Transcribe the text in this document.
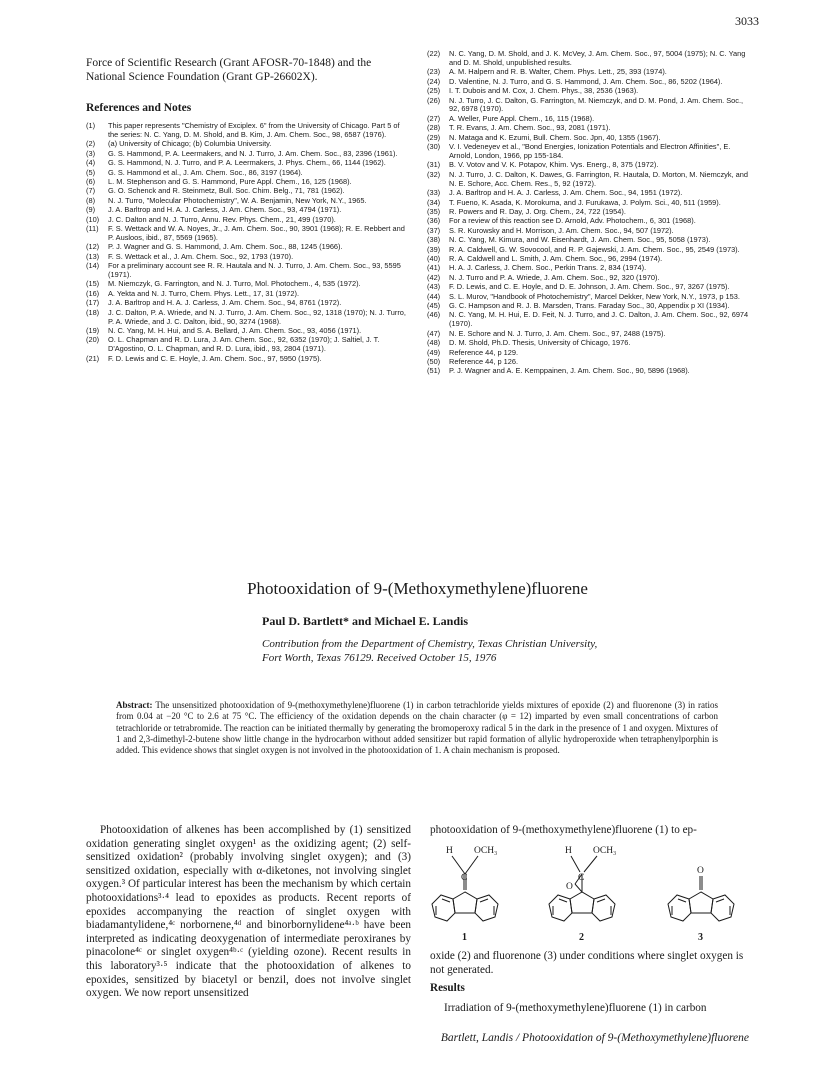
3033

Force of Scientific Research (Grant AFOSR-70-1848) and the National Science Foundation (Grant GP-26602X).

References and Notes
(1)	This paper represents "Chemistry of Exciplex. 6" from the University of Chicago. Part 5 of the series: N. C. Yang, D. M. Shold, and B. Kim, J. Am. Chem. Soc., 98, 6587 (1976).
(2)	(a) University of Chicago; (b) Columbia University.
(3)	G. S. Hammond, P. A. Leermakers, and N. J. Turro, J. Am. Chem. Soc., 83, 2396 (1961).
(4)	G. S. Hammond, N. J. Turro, and P. A. Leermakers, J. Phys. Chem., 66, 1144 (1962).
(5)	G. S. Hammond et al., J. Am. Chem. Soc., 86, 3197 (1964).
(6)	L. M. Stephenson and G. S. Hammond, Pure Appl. Chem., 16, 125 (1968).
(7)	G. O. Schenck and R. Steinmetz, Bull. Soc. Chim. Belg., 71, 781 (1962).
(8)	N. J. Turro, "Molecular Photochemistry", W. A. Benjamin, New York, N.Y., 1965.
(9)	J. A. Barltrop and H. A. J. Carless, J. Am. Chem. Soc., 93, 4794 (1971).
(10)	J. C. Dalton and N. J. Turro, Annu. Rev. Phys. Chem., 21, 499 (1970).
(11)	F. S. Wettack and W. A. Noyes, Jr., J. Am. Chem. Soc., 90, 3901 (1968); R. E. Rebbert and P. Ausloos, ibid., 87, 5569 (1965).
(12)	P. J. Wagner and G. S. Hammond, J. Am. Chem. Soc., 88, 1245 (1966).
(13)	F. S. Wettack et al., J. Am. Chem. Soc., 92, 1793 (1970).
(14)	For a preliminary account see R. R. Hautala and N. J. Turro, J. Am. Chem. Soc., 93, 5595 (1971).
(15)	M. Niemczyk, G. Farrington, and N. J. Turro, Mol. Photochem., 4, 535 (1972).
(16)	A. Yekta and N. J. Turro, Chem. Phys. Lett., 17, 31 (1972).
(17)	J. A. Barltrop and H. A. J. Carless, J. Am. Chem. Soc., 94, 8761 (1972).
(18)	J. C. Dalton, P. A. Wriede, and N. J. Turro, J. Am. Chem. Soc., 92, 1318 (1970); N. J. Turro, P. A. Wriede, and J. C. Dalton, ibid., 90, 3274 (1968).
(19)	N. C. Yang, M. H. Hui, and S. A. Bellard, J. Am. Chem. Soc., 93, 4056 (1971).
(20)	O. L. Chapman and R. D. Lura, J. Am. Chem. Soc., 92, 6352 (1970); J. Saltiel, J. T. D'Agostino, O. L. Chapman, and R. D. Lura, ibid., 93, 2804 (1971).
(21)	F. D. Lewis and C. E. Hoyle, J. Am. Chem. Soc., 97, 5950 (1975).
(22)	N. C. Yang, D. M. Shold, and J. K. McVey, J. Am. Chem. Soc., 97, 5004 (1975); N. C. Yang and D. M. Shold, unpublished results.
(23)	A. M. Halpern and R. B. Walter, Chem. Phys. Lett., 25, 393 (1974).
(24)	D. Valentine, N. J. Turro, and G. S. Hammond, J. Am. Chem. Soc., 86, 5202 (1964).
(25)	I. T. Dubois and M. Cox, J. Chem. Phys., 38, 2536 (1963).
(26)	N. J. Turro, J. C. Dalton, G. Farrington, M. Niemczyk, and D. M. Pond, J. Am. Chem. Soc., 92, 6978 (1970).
(27)	A. Weller, Pure Appl. Chem., 16, 115 (1968).
(28)	T. R. Evans, J. Am. Chem. Soc., 93, 2081 (1971).
(29)	N. Mataga and K. Ezumi, Bull. Chem. Soc. Jpn, 40, 1355 (1967).
(30)	V. I. Vedeneyev et al., "Bond Energies, Ionization Potentials and Electron Affinities", E. Arnold, London, 1966, pp 155-184.
(31)	B. V. Votov and V. K. Potapov, Khim. Vys. Energ., 8, 375 (1972).
(32)	N. J. Turro, J. C. Dalton, K. Dawes, G. Farrington, R. Hautala, D. Morton, M. Niemczyk, and N. E. Schore, Acc. Chem. Res., 5, 92 (1972).
(33)	J. A. Barltrop and H. A. J. Carless, J. Am. Chem. Soc., 94, 1951 (1972).
(34)	T. Fueno, K. Asada, K. Morokuma, and J. Furukawa, J. Polym. Sci., 40, 511 (1959).
(35)	R. Powers and R. Day, J. Org. Chem., 24, 722 (1954).
(36)	For a review of this reaction see D. Arnold, Adv. Photochem., 6, 301 (1968).
(37)	S. R. Kurowsky and H. Morrison, J. Am. Chem. Soc., 94, 507 (1972).
(38)	N. C. Yang, M. Kimura, and W. Eisenhardt, J. Am. Chem. Soc., 95, 5058 (1973).
(39)	R. A. Caldwell, G. W. Sovocool, and R. P. Gajewski, J. Am. Chem. Soc., 95, 2549 (1973).
(40)	R. A. Caldwell and L. Smith, J. Am. Chem. Soc., 96, 2994 (1974).
(41)	H. A. J. Carless, J. Chem. Soc., Perkin Trans. 2, 834 (1974).
(42)	N. J. Turro and P. A. Wriede, J. Am. Chem. Soc., 92, 320 (1970).
(43)	F. D. Lewis, and C. E. Hoyle, and D. E. Johnson, J. Am. Chem. Soc., 97, 3267 (1975).
(44)	S. L. Murov, "Handbook of Photochemistry", Marcel Dekker, New York, N.Y., 1973, p 153.
(45)	G. C. Hampson and R. J. B. Marsden, Trans. Faraday Soc., 30, Appendix p XI (1934).
(46)	N. C. Yang, M. H. Hui, E. D. Feit, N. J. Turro, and J. C. Dalton, J. Am. Chem. Soc., 92, 6974 (1970).
(47)	N. E. Schore and N. J. Turro, J. Am. Chem. Soc., 97, 2488 (1975).
(48)	D. M. Shold, Ph.D. Thesis, University of Chicago, 1976.
(49)	Reference 44, p 129.
(50)	Reference 44, p 126.
(51)	P. J. Wagner and A. E. Kemppainen, J. Am. Chem. Soc., 90, 5896 (1968).
Photooxidation of 9-(Methoxymethylene)fluorene
Paul D. Bartlett* and Michael E. Landis
Contribution from the Department of Chemistry, Texas Christian University,
Fort Worth, Texas 76129. Received October 15, 1976
Abstract: The unsensitized photooxidation of 9-(methoxymethylene)fluorene (1) in carbon tetrachloride yields mixtures of epoxide (2) and fluorenone (3) in ratios from 0.04 at −20 °C to 2.6 at 75 °C. The efficiency of the oxidation depends on the chain character (φ = 12) imparted by even small concentrations of carbon tetrachloride or tetrabromide. The reaction can be initiated thermally by generating the bromoperoxy radical 5 in the dark in the presence of 1 and oxygen. Mixtures of 1 and 2,3-dimethyl-2-butene show little change in the hydrocarbon without added sensitizer but rapid formation of allylic hydroperoxide when tetraphenylporphin is added. This evidence shows that singlet oxygen is not involved in the photooxidation of 1. A chain mechanism is proposed.

Photooxidation of alkenes has been accomplished by (1) sensitized oxidation generating singlet oxygen¹ as the oxidizing agent; (2) self-sensitized oxidation² (probably involving singlet oxygen); and (3) sensitized oxidation, especially with α-diketones, not involving singlet oxygen.³ Of particular interest has been the mechanism by which certain photooxidations³·⁴ lead to epoxides as products. Recent reports of epoxides accompanying the reaction of singlet oxygen with biadamantylidene,⁴ᶜ norbornene,⁴ᵈ and binorbornylidene⁴ᵃ·ᵇ have been interpreted as indicating deoxygenation of intermediate peroxiranes by pinacolone⁴ᶜ or singlet oxygen⁴ᵇ·ᶜ (yielding ozone). Recent results in this laboratory³·⁵ indicate that the photooxidation of alkenes to epoxides, sensitized by biacetyl or benzil, does not involve singlet oxygen. We now report unsensitized

photooxidation of 9-(methoxymethylene)fluorene (1) to ep-

H OCH₃
C
H OCH₃
C
O
O
1	2	3

oxide (2) and fluorenone (3) under conditions where singlet oxygen is not generated.

Results

Irradiation of 9-(methoxymethylene)fluorene (1) in carbon

Bartlett, Landis / Photooxidation of 9-(Methoxymethylene)fluorene
